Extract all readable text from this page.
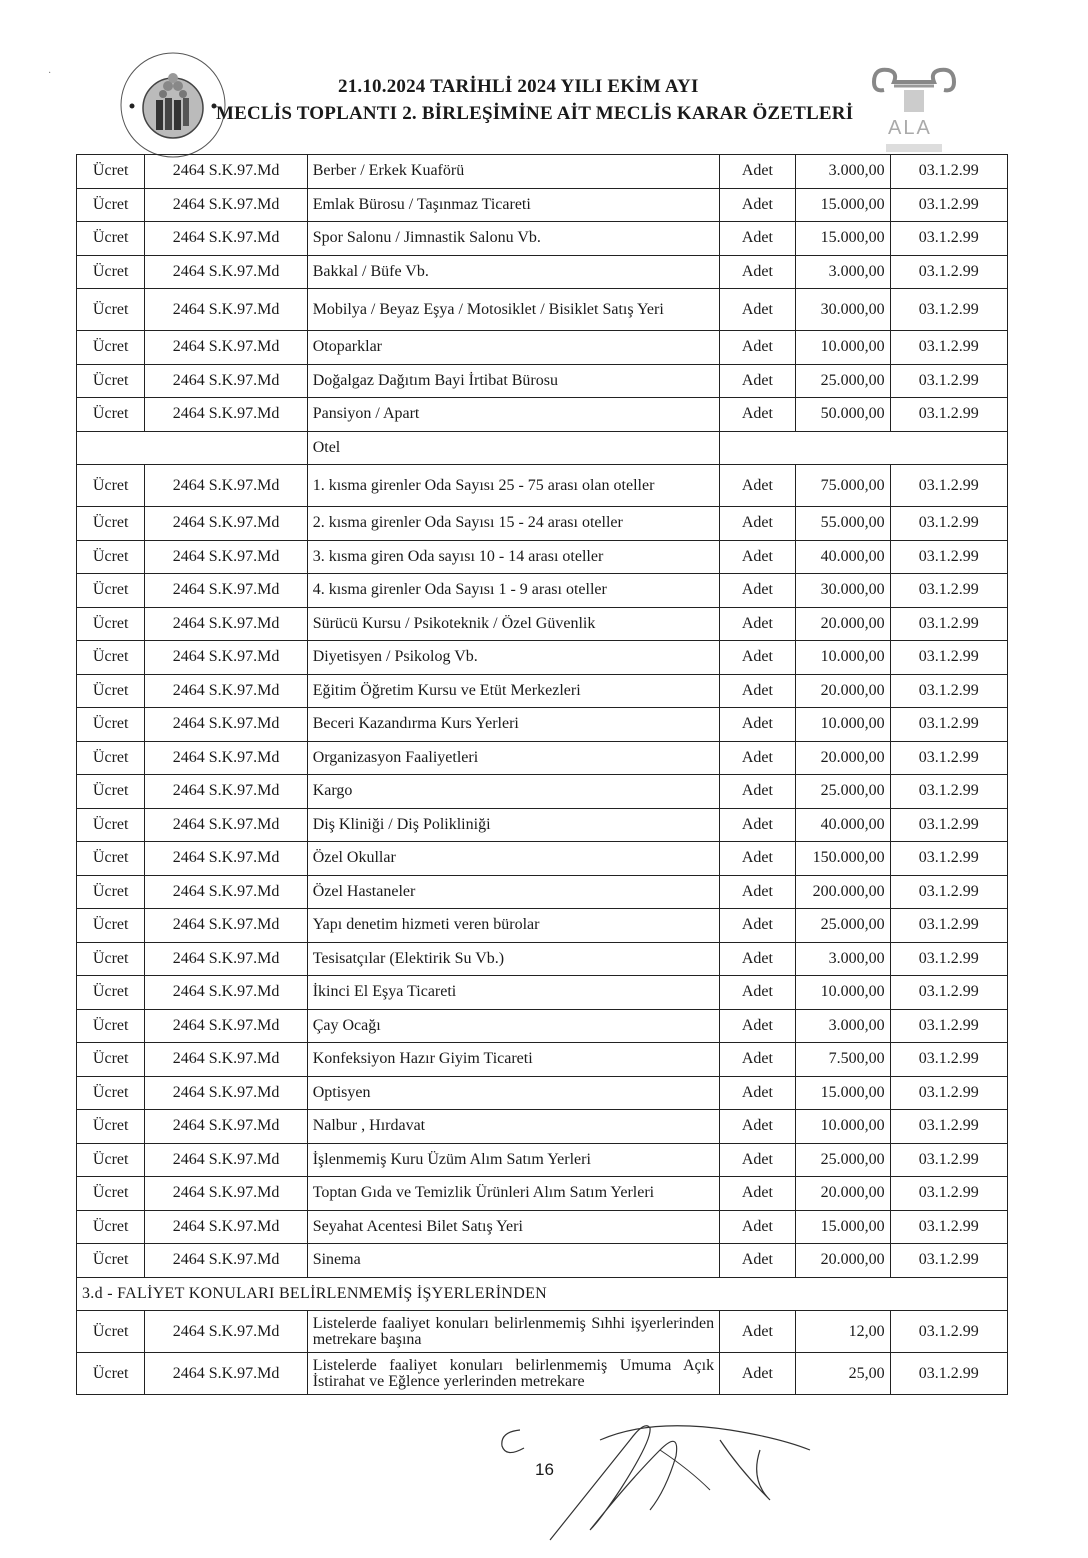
·
21.10.2024 TARİHLİ 2024 YILI EKİM AYI
MECLİS TOPLANTI 2. BİRLEŞİMİNE AİT MECLİS KARAR ÖZETLERİ
ALA
Ücret	2464 S.K.97.Md	Berber / Erkek Kuaförü	Adet	3.000,00	03.1.2.99
Ücret	2464 S.K.97.Md	Emlak Bürosu / Taşınmaz Ticareti	Adet	15.000,00	03.1.2.99
Ücret	2464 S.K.97.Md	Spor Salonu / Jimnastik Salonu Vb.	Adet	15.000,00	03.1.2.99
Ücret	2464 S.K.97.Md	Bakkal / Büfe Vb.	Adet	3.000,00	03.1.2.99
Ücret	2464 S.K.97.Md	Mobilya / Beyaz Eşya / Motosiklet / Bisiklet Satış Yeri	Adet	30.000,00	03.1.2.99
Ücret	2464 S.K.97.Md	Otoparklar	Adet	10.000,00	03.1.2.99
Ücret	2464 S.K.97.Md	Doğalgaz Dağıtım Bayi İrtibat Bürosu	Adet	25.000,00	03.1.2.99
Ücret	2464 S.K.97.Md	Pansiyon / Apart	Adet	50.000,00	03.1.2.99
		Otel			
Ücret	2464 S.K.97.Md	1. kısma girenler Oda Sayısı 25 - 75 arası olan oteller	Adet	75.000,00	03.1.2.99
Ücret	2464 S.K.97.Md	2. kısma girenler Oda Sayısı 15 - 24 arası oteller	Adet	55.000,00	03.1.2.99
Ücret	2464 S.K.97.Md	3. kısma giren Oda sayısı 10 - 14 arası oteller	Adet	40.000,00	03.1.2.99
Ücret	2464 S.K.97.Md	4. kısma girenler Oda Sayısı 1 - 9 arası oteller	Adet	30.000,00	03.1.2.99
Ücret	2464 S.K.97.Md	Sürücü Kursu / Psikoteknik / Özel Güvenlik	Adet	20.000,00	03.1.2.99
Ücret	2464 S.K.97.Md	Diyetisyen / Psikolog Vb.	Adet	10.000,00	03.1.2.99
Ücret	2464 S.K.97.Md	Eğitim Öğretim Kursu ve Etüt Merkezleri	Adet	20.000,00	03.1.2.99
Ücret	2464 S.K.97.Md	Beceri Kazandırma Kurs Yerleri	Adet	10.000,00	03.1.2.99
Ücret	2464 S.K.97.Md	Organizasyon Faaliyetleri	Adet	20.000,00	03.1.2.99
Ücret	2464 S.K.97.Md	Kargo	Adet	25.000,00	03.1.2.99
Ücret	2464 S.K.97.Md	Diş Kliniği / Diş Polikliniği	Adet	40.000,00	03.1.2.99
Ücret	2464 S.K.97.Md	Özel Okullar	Adet	150.000,00	03.1.2.99
Ücret	2464 S.K.97.Md	Özel Hastaneler	Adet	200.000,00	03.1.2.99
Ücret	2464 S.K.97.Md	Yapı denetim hizmeti veren bürolar	Adet	25.000,00	03.1.2.99
Ücret	2464 S.K.97.Md	Tesisatçılar (Elektirik Su Vb.)	Adet	3.000,00	03.1.2.99
Ücret	2464 S.K.97.Md	İkinci El Eşya Ticareti	Adet	10.000,00	03.1.2.99
Ücret	2464 S.K.97.Md	Çay Ocağı	Adet	3.000,00	03.1.2.99
Ücret	2464 S.K.97.Md	Konfeksiyon Hazır Giyim Ticareti	Adet	7.500,00	03.1.2.99
Ücret	2464 S.K.97.Md	Optisyen	Adet	15.000,00	03.1.2.99
Ücret	2464 S.K.97.Md	Nalbur , Hırdavat	Adet	10.000,00	03.1.2.99
Ücret	2464 S.K.97.Md	İşlenmemiş Kuru Üzüm Alım Satım Yerleri	Adet	25.000,00	03.1.2.99
Ücret	2464 S.K.97.Md	Toptan Gıda ve Temizlik Ürünleri Alım Satım Yerleri	Adet	20.000,00	03.1.2.99
Ücret	2464 S.K.97.Md	Seyahat Acentesi Bilet Satış Yeri	Adet	15.000,00	03.1.2.99
Ücret	2464 S.K.97.Md	Sinema	Adet	20.000,00	03.1.2.99
3.d - FALİYET KONULARI BELİRLENMEMİŞ İŞYERLERİNDEN					
Ücret	2464 S.K.97.Md	Listelerde faaliyet konuları belirlenmemiş Sıhhi işyerlerinden metrekare başına	Adet	12,00	03.1.2.99
Ücret	2464 S.K.97.Md	Listelerde faaliyet konuları belirlenmemiş Umuma Açık İstirahat ve Eğlence yerlerinden metrekare	Adet	25,00	03.1.2.99
16
